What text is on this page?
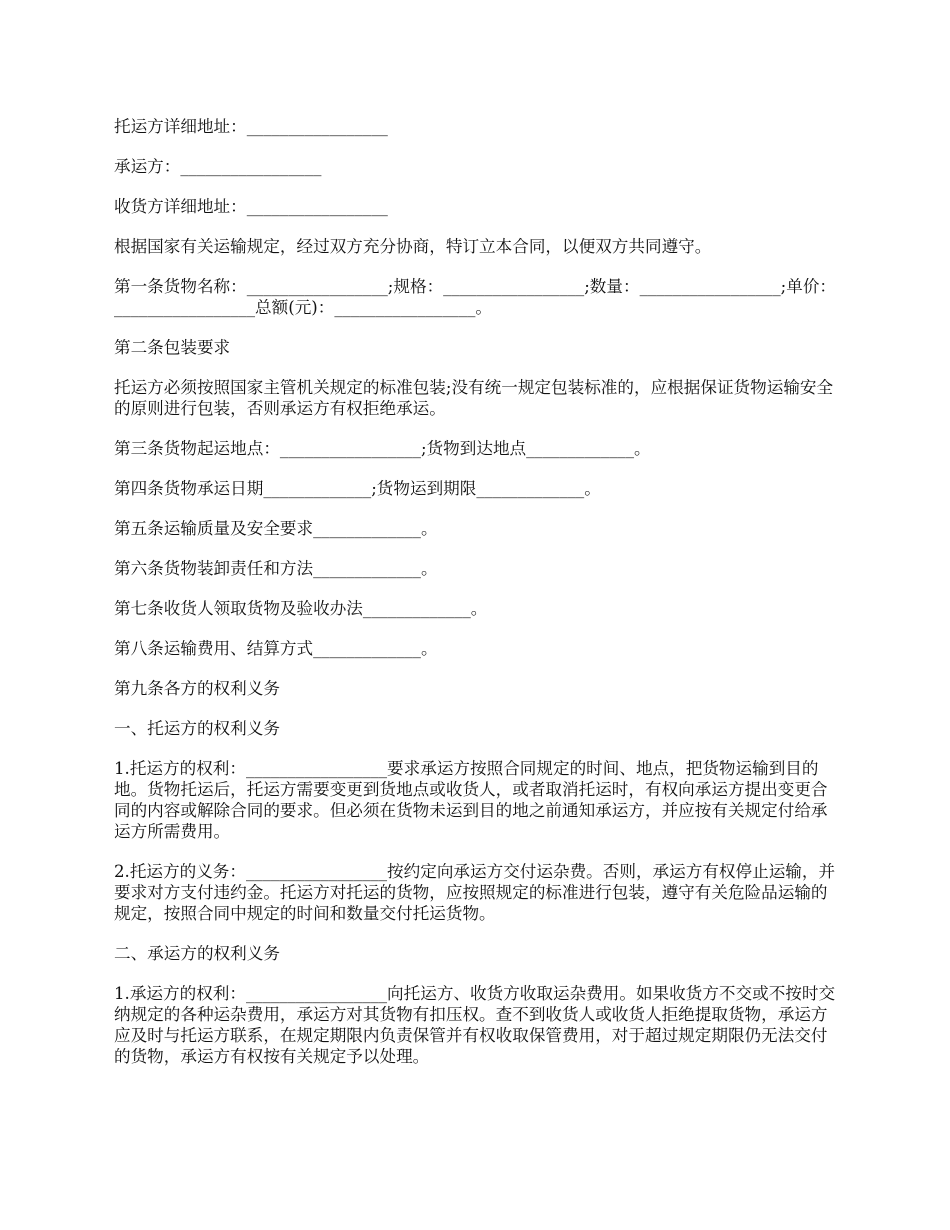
托运方详细地址：_________________

承运方：_________________

收货方详细地址：_________________

根据国家有关运输规定，经过双方充分协商，特订立本合同，以便双方共同遵守。

第一条货物名称：_________________;规格：_________________;数量：_________________;单价：_________________总额(元)：_________________。

第二条包装要求

托运方必须按照国家主管机关规定的标准包装;没有统一规定包装标准的，应根据保证货物运输安全的原则进行包装，否则承运方有权拒绝承运。

第三条货物起运地点：_________________;货物到达地点_____________。

第四条货物承运日期_____________;货物运到期限_____________。

第五条运输质量及安全要求_____________。

第六条货物装卸责任和方法_____________。

第七条收货人领取货物及验收办法_____________。

第八条运输费用、结算方式_____________。

第九条各方的权利义务

一、托运方的权利义务

1.托运方的权利：_________________要求承运方按照合同规定的时间、地点，把货物运输到目的地。货物托运后，托运方需要变更到货地点或收货人，或者取消托运时，有权向承运方提出变更合同的内容或解除合同的要求。但必须在货物未运到目的地之前通知承运方，并应按有关规定付给承运方所需费用。

2.托运方的义务：_________________按约定向承运方交付运杂费。否则，承运方有权停止运输，并要求对方支付违约金。托运方对托运的货物，应按照规定的标准进行包装，遵守有关危险品运输的规定，按照合同中规定的时间和数量交付托运货物。

二、承运方的权利义务

1.承运方的权利：_________________向托运方、收货方收取运杂费用。如果收货方不交或不按时交纳规定的各种运杂费用，承运方对其货物有扣压权。查不到收货人或收货人拒绝提取货物，承运方应及时与托运方联系，在规定期限内负责保管并有权收取保管费用，对于超过规定期限仍无法交付的货物，承运方有权按有关规定予以处理。
